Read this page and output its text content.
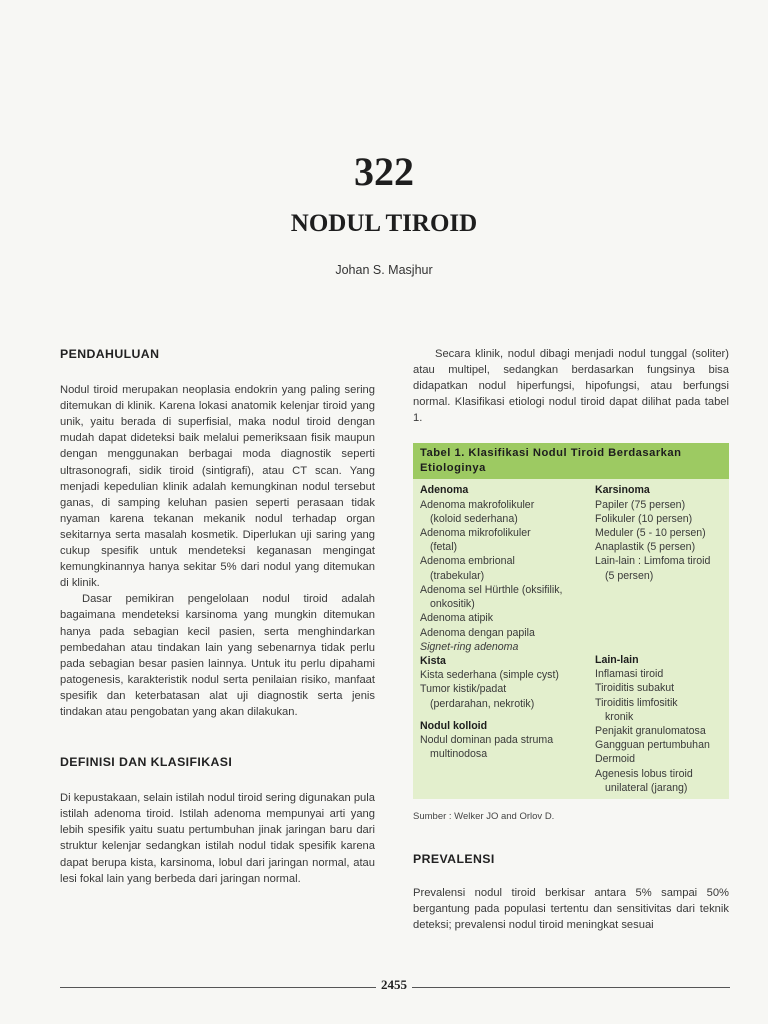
322
NODUL TIROID
Johan S. Masjhur

PENDAHULUAN

Nodul tiroid merupakan neoplasia endokrin yang paling sering ditemukan di klinik. Karena lokasi anatomik kelenjar tiroid yang unik, yaitu berada di superfisial, maka nodul tiroid dengan mudah dapat dideteksi baik melalui pemeriksaan fisik maupun dengan menggunakan berbagai moda diagnostik seperti ultrasonografi, sidik tiroid (sintigrafi), atau CT scan. Yang menjadi kepedulian klinik adalah kemungkinan nodul tersebut ganas, di samping keluhan pasien seperti perasaan tidak nyaman karena tekanan mekanik nodul terhadap organ sekitarnya serta masalah kosmetik. Diperlukan uji saring yang cukup spesifik untuk mendeteksi keganasan mengingat kemungkinannya hanya sekitar 5% dari nodul yang ditemukan di klinik.

Dasar pemikiran pengelolaan nodul tiroid adalah bagaimana mendeteksi karsinoma yang mungkin ditemukan hanya pada sebagian kecil pasien, serta menghindarkan pembedahan atau tindakan lain yang sebenarnya tidak perlu pada sebagian besar pasien lainnya. Untuk itu perlu dipahami patogenesis, karakteristik nodul serta penilaian risiko, manfaat spesifik dan keterbatasan alat uji diagnostik serta jenis tindakan atau pengobatan yang akan dilakukan.

DEFINISI DAN KLASIFIKASI

Di kepustakaan, selain istilah nodul tiroid sering digunakan pula istilah adenoma tiroid. Istilah adenoma mempunyai arti yang lebih spesifik yaitu suatu pertumbuhan jinak jaringan baru dari struktur kelenjar sedangkan istilah nodul tidak spesifik karena dapat berupa kista, karsinoma, lobul dari jaringan normal, atau lesi fokal lain yang berbeda dari jaringan normal.

Secara klinik, nodul dibagi menjadi nodul tunggal (soliter) atau multipel, sedangkan berdasarkan fungsinya bisa didapatkan nodul hiperfungsi, hipofungsi, atau berfungsi normal. Klasifikasi etiologi nodul tiroid dapat dilihat pada tabel 1.

Tabel 1. Klasifikasi Nodul Tiroid Berdasarkan Etiologinya
Adenoma
Adenoma makrofolikuler
(koloid sederhana)
Adenoma mikrofolikuler
(fetal)
Adenoma embrional
(trabekular)
Adenoma sel Hürthle (oksifilik,
onkositik)
Adenoma atipik
Adenoma dengan papila
Signet-ring adenoma
Kista
Kista sederhana (simple cyst)
Tumor kistik/padat
(perdarahan, nekrotik)
Nodul kolloid
Nodul dominan pada struma
multinodosa
Karsinoma
Papiler (75 persen)
Folikuler (10 persen)
Meduler (5 - 10 persen)
Anaplastik (5 persen)
Lain-lain : Limfoma tiroid
(5 persen)
Lain-lain
Inflamasi tiroid
Tiroiditis subakut
Tiroiditis limfositik
kronik
Penjakit granulomatosa
Gangguan pertumbuhan
Dermoid
Agenesis lobus tiroid
unilateral (jarang)
Sumber : Welker JO and Orlov D.

PREVALENSI

Prevalensi nodul tiroid berkisar antara 5% sampai 50% bergantung pada populasi tertentu dan sensitivitas dari teknik deteksi; prevalensi nodul tiroid meningkat sesuai

2455
